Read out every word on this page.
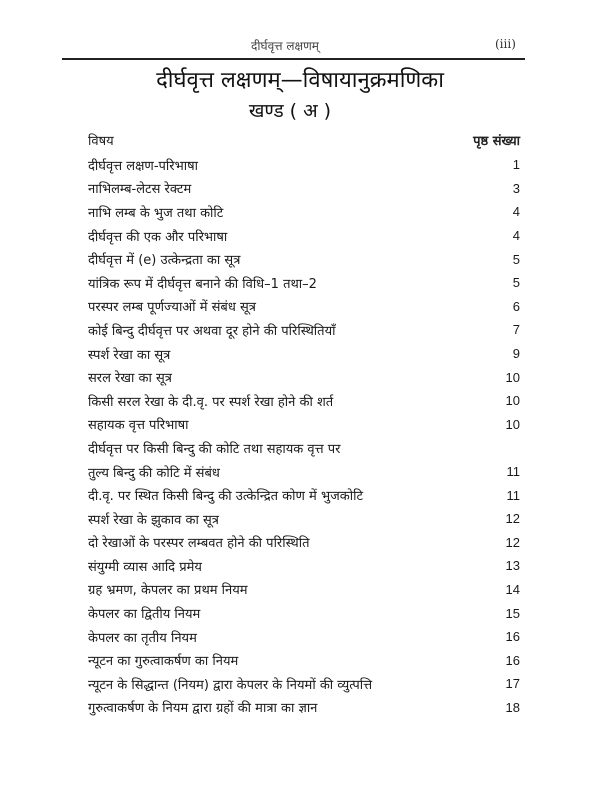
दीर्घवृत्त लक्षणम्	(iii)
दीर्घवृत्त लक्षणम्—विषायानुक्रमणिका
खण्ड ( अ )
विषय	पृष्ठ संख्या
दीर्घवृत्त लक्षण-परिभाषा	1
नाभिलम्ब-लेटस रेक्टम	3
नाभि लम्ब के भुज तथा कोटि	4
दीर्घवृत्त की एक और परिभाषा	4
दीर्घवृत्त में (e) उत्केन्द्रता का सूत्र	5
यांत्रिक रूप में दीर्घवृत्त बनाने की विधि–1 तथा–2	5
परस्पर लम्ब पूर्णज्याओं में संबंध सूत्र	6
कोई बिन्दु दीर्घवृत्त पर अथवा दूर होने की परिस्थितियाँ	7
स्पर्श रेखा का सूत्र	9
सरल रेखा का सूत्र	10
किसी सरल रेखा के दी.वृ. पर स्पर्श रेखा होने की शर्त	10
सहायक वृत्त परिभाषा	10
दीर्घवृत्त पर किसी बिन्दु की कोटि तथा सहायक वृत्त पर
तुल्य बिन्दु की कोटि में संबंध	11
दी.वृ. पर स्थित किसी बिन्दु की उत्केन्द्रित कोण में भुजकोटि	11
स्पर्श रेखा के झुकाव का सूत्र	12
दो रेखाओं के परस्पर लम्बवत होने की परिस्थिति	12
संयुग्मी व्यास आदि प्रमेय	13
ग्रह भ्रमण, केपलर का प्रथम नियम	14
केपलर का द्वितीय नियम	15
केपलर का तृतीय नियम	16
न्यूटन का गुरुत्वाकर्षण का नियम	16
न्यूटन के सिद्धान्त (नियम) द्वारा केपलर के नियमों की व्युत्पत्ति	17
गुरुत्वाकर्षण के नियम द्वारा ग्रहों की मात्रा का ज्ञान	18
